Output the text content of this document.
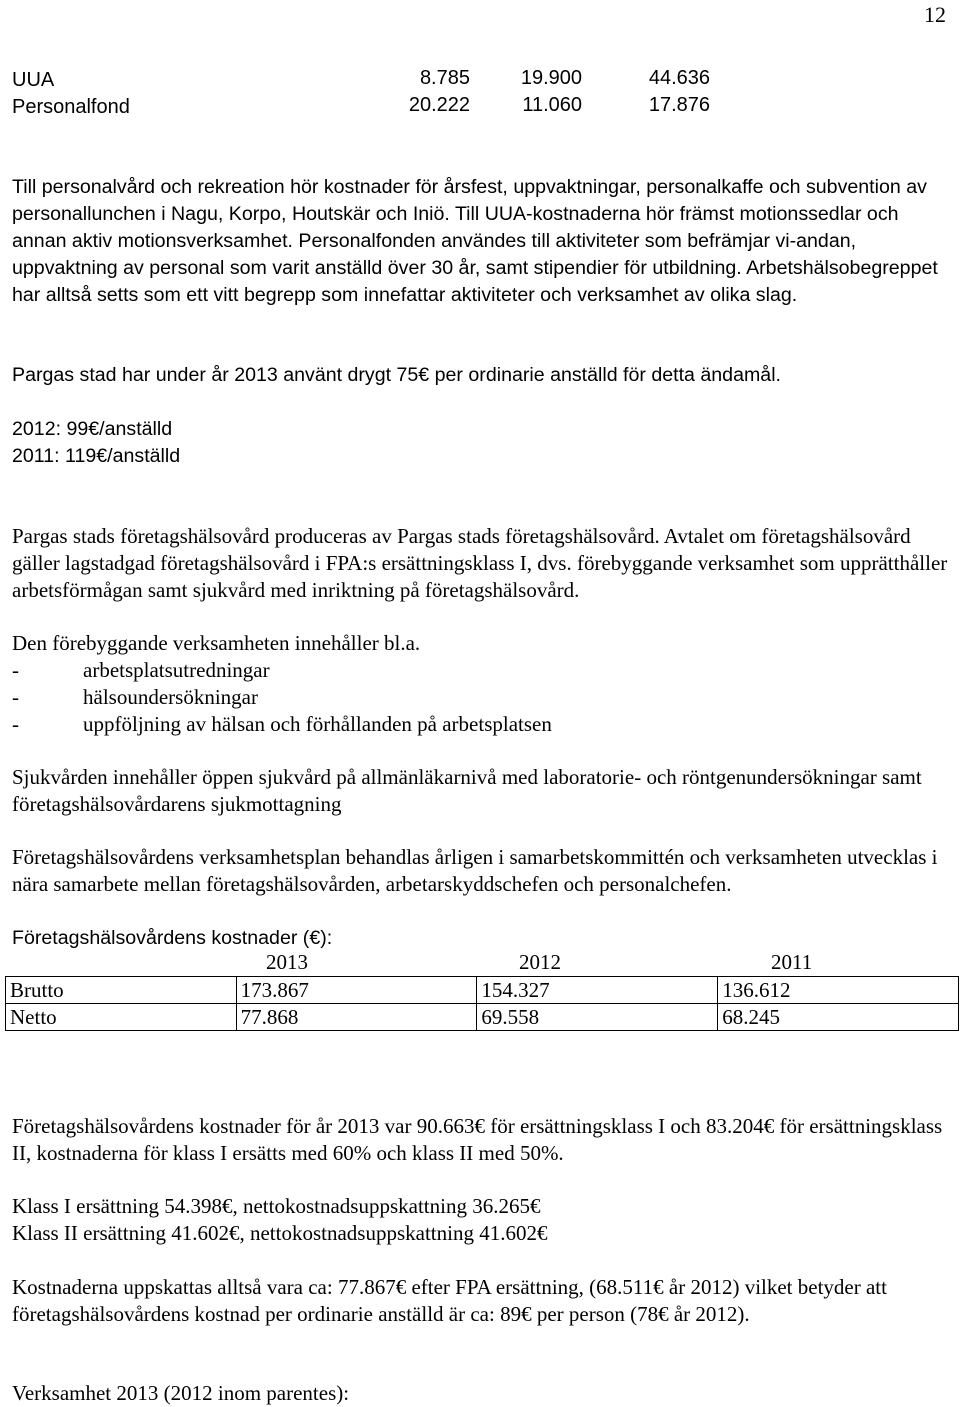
12
UUA	8.785	19.900	44.636
Personalfond	20.222	11.060	17.876
Till personalvård och rekreation hör kostnader för årsfest, uppvaktningar, personalkaffe och subvention av personallunchen i Nagu, Korpo, Houtskär och Iniö. Till UUA-kostnaderna hör främst motionssedlar och annan aktiv motionsverksamhet. Personalfonden användes till aktiviteter som befrämjar vi-andan, uppvaktning av personal som varit anställd över 30 år, samt stipendier för utbildning. Arbetshälsobegreppet har alltså setts som ett vitt begrepp som innefattar aktiviteter och verksamhet av olika slag.
Pargas stad har under år 2013 använt drygt 75€ per ordinarie anställd för detta ändamål.
2012: 99€/anställd
2011: 119€/anställd
Pargas stads företagshälsovård produceras av Pargas stads företagshälsovård. Avtalet om företagshälsovård gäller lagstadgad företagshälsovård i FPA:s ersättningsklass I, dvs. förebyggande verksamhet som upprätthåller arbetsförmågan samt sjukvård med inriktning på företagshälsovård.
Den förebyggande verksamheten innehåller bl.a.
-	arbetsplatsutredningar
-	hälsoundersökningar
-	uppföljning av hälsan och förhållanden på arbetsplatsen
Sjukvården innehåller öppen sjukvård på allmänläkarnivå med laboratorie- och röntgenundersökningar samt företagshälsovårdarens sjukmottagning
Företagshälsovårdens verksamhetsplan behandlas årligen i samarbetskommittén och verksamheten utvecklas i nära samarbete mellan företagshälsovården, arbetarskyddschefen och personalchefen.
Företagshälsovårdens kostnader (€):
2013	2012	2011
Brutto	173.867	154.327	136.612
Netto	77.868	69.558	68.245
Företagshälsovårdens kostnader för år 2013 var 90.663€ för ersättningsklass I och 83.204€ för ersättningsklass II, kostnaderna för klass I ersätts med 60% och klass II med 50%.
Klass I ersättning 54.398€, nettokostnadsuppskattning 36.265€
Klass II ersättning 41.602€, nettokostnadsuppskattning 41.602€
Kostnaderna uppskattas alltså vara ca: 77.867€ efter FPA ersättning, (68.511€ år 2012) vilket betyder att företagshälsovårdens kostnad per ordinarie anställd är ca: 89€ per person (78€ år 2012).
Verksamhet 2013 (2012 inom parentes):
